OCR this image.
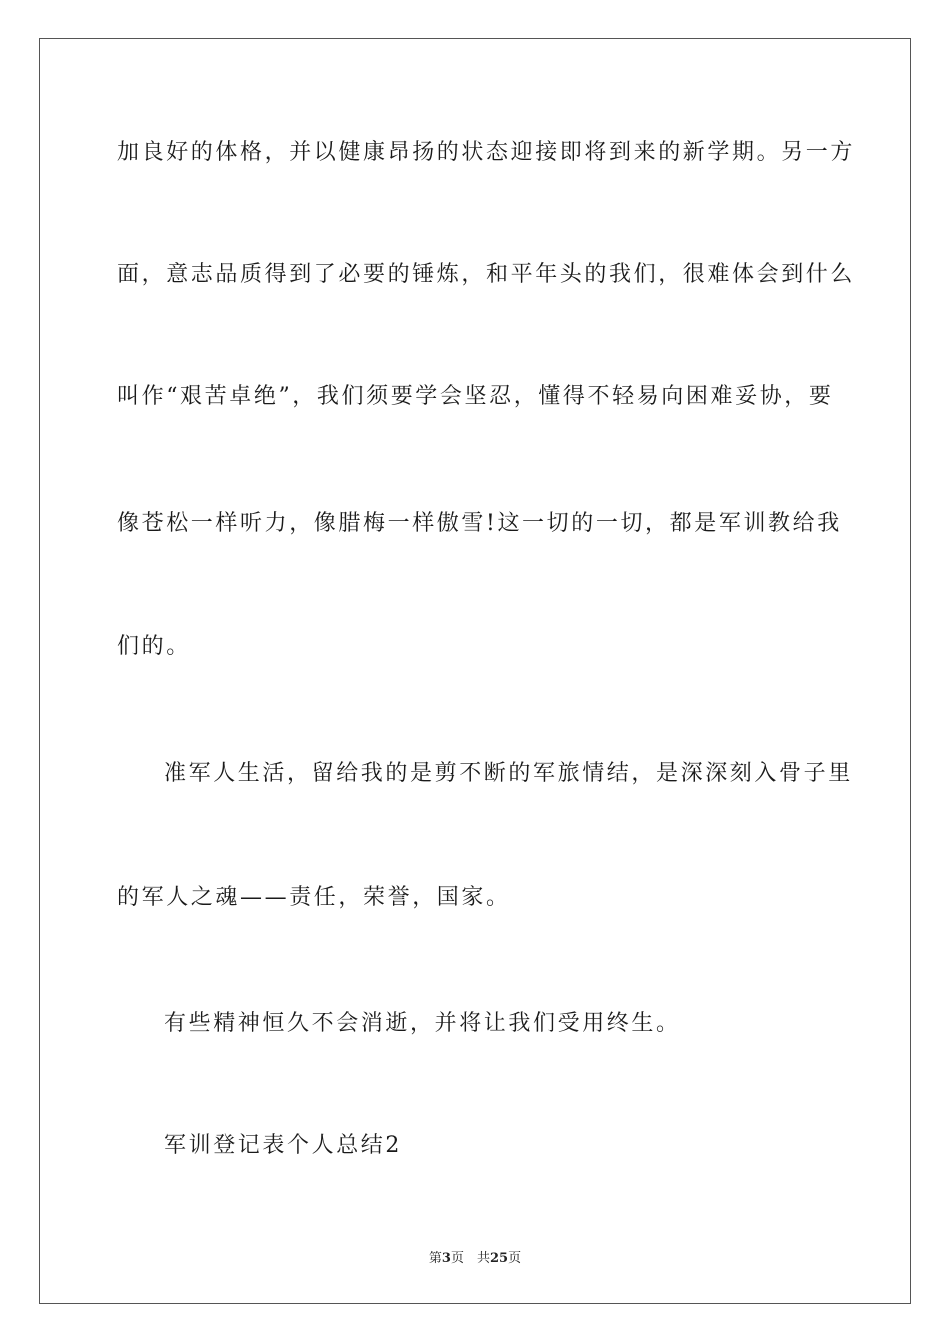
加良好的体格，并以健康昂扬的状态迎接即将到来的新学期。另一方
面，意志品质得到了必要的锤炼，和平年头的我们，很难体会到什么
叫作“艰苦卓绝”，我们须要学会坚忍，懂得不轻易向困难妥协，要
像苍松一样听力，像腊梅一样傲雪!这一切的一切，都是军训教给我
们的。
准军人生活，留给我的是剪不断的军旅情结，是深深刻入骨子里
的军人之魂——责任，荣誉，国家。
有些精神恒久不会消逝，并将让我们受用终生。
军训登记表个人总结2
第3页　共25页
